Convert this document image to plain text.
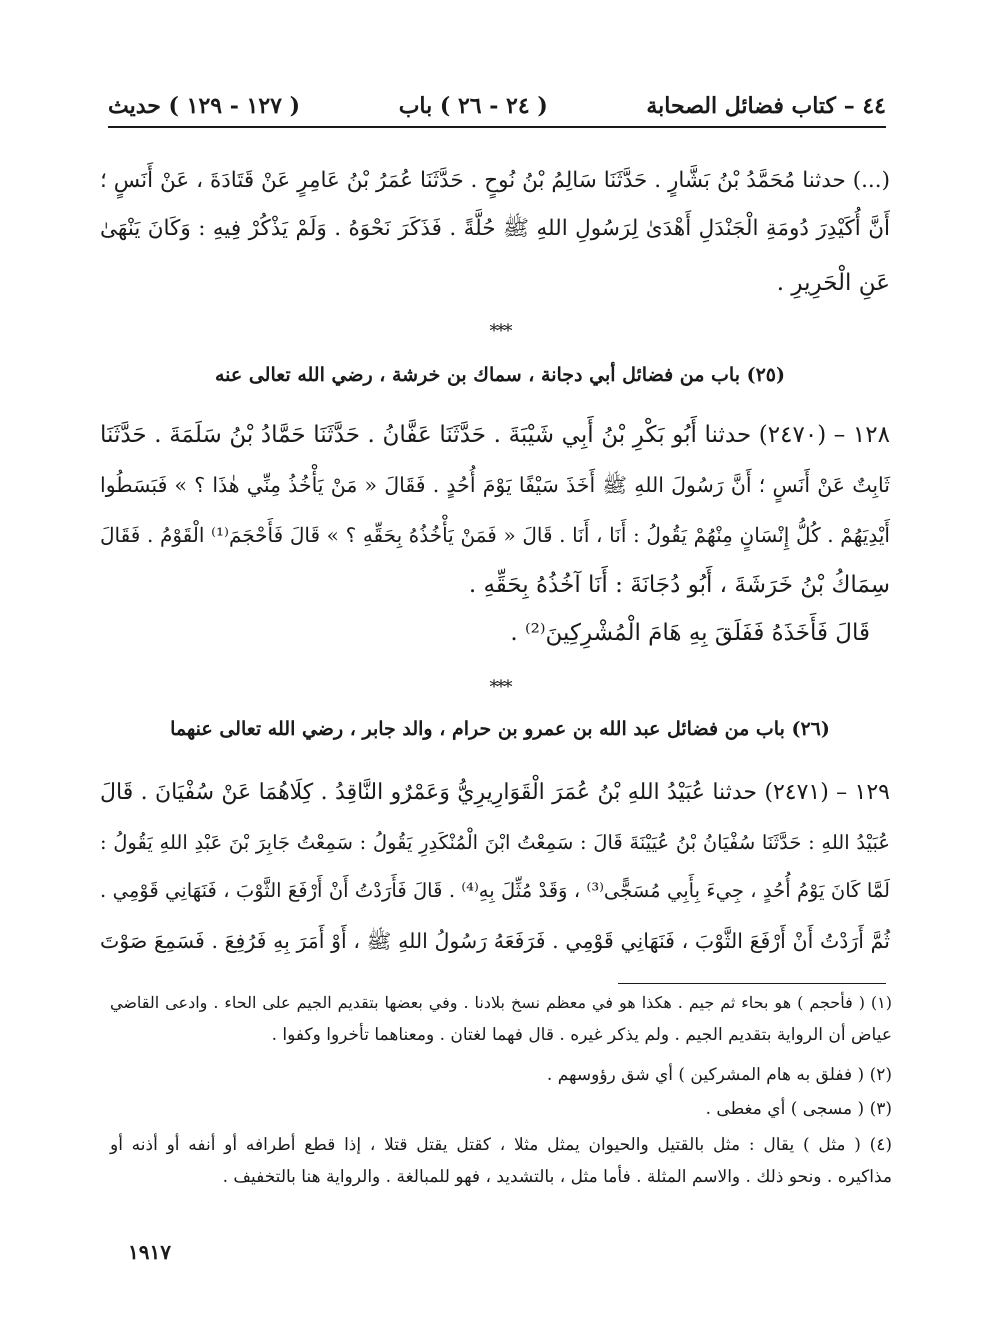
٤٤ – كتاب فضائل الصحابة
( ٢٤ - ٢٦ ) باب
( ١٢٧ - ١٢٩ ) حديث
(...) حدثنا مُحَمَّدُ بْنُ بَشَّارٍ . حَدَّثَنَا سَالِمُ بْنُ نُوحٍ . حَدَّثَنَا عُمَرُ بْنُ عَامِرٍ عَنْ قَتَادَةَ ، عَنْ أَنَسٍ ؛
أَنَّ أُكَيْدِرَ دُومَةِ الْجَنْدَلِ أَهْدَىٰ لِرَسُولِ اللهِ ﷺ حُلَّةً . فَذَكَرَ نَحْوَهُ . وَلَمْ يَذْكُرْ فِيهِ : وَكَانَ يَنْهَىٰ
عَنِ الْحَرِيرِ .
⁎⁎⁎
(٢٥) باب من فضائل أبي دجانة ، سماك بن خرشة ، رضي الله تعالى عنه
١٢٨ – (٢٤٧٠) حدثنا أَبُو بَكْرِ بْنُ أَبِي شَيْبَةَ . حَدَّثَنَا عَفَّانُ . حَدَّثَنَا حَمَّادُ بْنُ سَلَمَةَ . حَدَّثَنَا
ثَابِتٌ عَنْ أَنَسٍ ؛ أَنَّ رَسُولَ اللهِ ﷺ أَخَذَ سَيْفًا يَوْمَ أُحُدٍ . فَقَالَ « مَنْ يَأْخُذُ مِنِّي هٰذَا ؟ » فَبَسَطُوا
أَيْدِيَهُمْ . كُلُّ إِنْسَانٍ مِنْهُمْ يَقُولُ : أَنَا ، أَنَا . قَالَ « فَمَنْ يَأْخُذُهُ بِحَقِّهِ ؟ » قَالَ فَأَحْجَمَ⁽¹⁾ الْقَوْمُ . فَقَالَ
سِمَاكُ بْنُ خَرَشَةَ ، أَبُو دُجَانَةَ : أَنَا آخُذُهُ بِحَقِّهِ .
قَالَ فَأَخَذَهُ فَفَلَقَ بِهِ هَامَ الْمُشْرِكِينَ⁽²⁾ .
⁎⁎⁎
(٢٦) باب من فضائل عبد الله بن عمرو بن حرام ، والد جابر ، رضي الله تعالى عنهما
١٢٩ – (٢٤٧١) حدثنا عُبَيْدُ اللهِ بْنُ عُمَرَ الْقَوَارِيرِيُّ وَعَمْرٌو النَّاقِدُ . كِلَاهُمَا عَنْ سُفْيَانَ . قَالَ
عُبَيْدُ اللهِ : حَدَّثَنَا سُفْيَانُ بْنُ عُيَيْنَةَ قَالَ : سَمِعْتُ ابْنَ الْمُنْكَدِرِ يَقُولُ : سَمِعْتُ جَابِرَ بْنَ عَبْدِ اللهِ يَقُولُ :
لَمَّا كَانَ يَوْمُ أُحُدٍ ، جِيءَ بِأَبِي مُسَجًّى⁽³⁾ ، وَقَدْ مُثِّلَ بِهِ⁽⁴⁾ . قَالَ فَأَرَدْتُ أَنْ أَرْفَعَ الثَّوْبَ ، فَنَهَانِي قَوْمِي .
ثُمَّ أَرَدْتُ أَنْ أَرْفَعَ الثَّوْبَ ، فَنَهَانِي قَوْمِي . فَرَفَعَهُ رَسُولُ اللهِ ﷺ ، أَوْ أَمَرَ بِهِ فَرُفِعَ . فَسَمِعَ صَوْتَ
(١) ( فأحجم ) هو بحاء ثم جيم . هكذا هو في معظم نسخ بلادنا . وفي بعضها بتقديم الجيم على الحاء . وادعى القاضي
عياض أن الرواية بتقديم الجيم . ولم يذكر غيره . قال فهما لغتان . ومعناهما تأخروا وكفوا .
(٢) ( ففلق به هام المشركين ) أي شق رؤوسهم .
(٣) ( مسجى ) أي مغطى .
(٤) ( مثل ) يقال : مثل بالقتيل والحيوان يمثل مثلا ، كقتل يقتل قتلا ، إذا قطع أطرافه أو أنفه أو أذنه أو
مذاكيره . ونحو ذلك . والاسم المثلة . فأما مثل ، بالتشديد ، فهو للمبالغة . والرواية هنا بالتخفيف .
١٩١٧
